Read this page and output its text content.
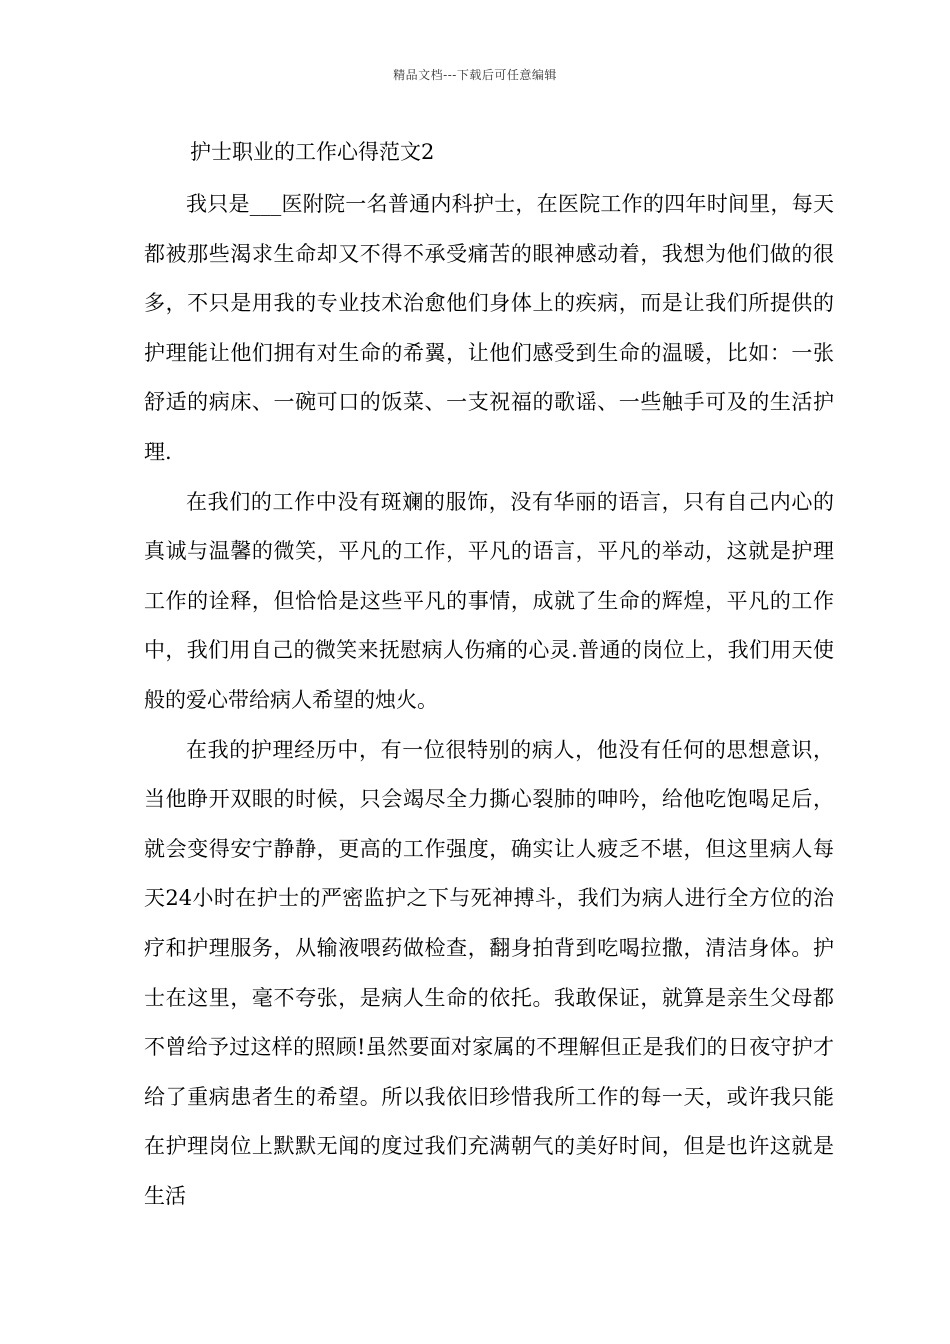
精品文档---下载后可任意编辑
护士职业的工作心得范文2

我只是___医附院一名普通内科护士，在医院工作的四年时间里，每天都被那些渴求生命却又不得不承受痛苦的眼神感动着，我想为他们做的很多，不只是用我的专业技术治愈他们身体上的疾病，而是让我们所提供的护理能让他们拥有对生命的希翼，让他们感受到生命的温暖，比如：一张舒适的病床、一碗可口的饭菜、一支祝福的歌谣、一些触手可及的生活护理.

在我们的工作中没有斑斓的服饰，没有华丽的语言，只有自己内心的真诚与温馨的微笑，平凡的工作，平凡的语言，平凡的举动，这就是护理工作的诠释，但恰恰是这些平凡的事情，成就了生命的辉煌，平凡的工作中，我们用自己的微笑来抚慰病人伤痛的心灵.普通的岗位上，我们用天使般的爱心带给病人希望的烛火。

在我的护理经历中，有一位很特别的病人，他没有任何的思想意识，当他睁开双眼的时候，只会竭尽全力撕心裂肺的呻吟，给他吃饱喝足后，就会变得安宁静静，更高的工作强度，确实让人疲乏不堪，但这里病人每天24小时在护士的严密监护之下与死神搏斗，我们为病人进行全方位的治疗和护理服务，从输液喂药做检查，翻身拍背到吃喝拉撒，清洁身体。护士在这里，毫不夸张，是病人生命的依托。我敢保证，就算是亲生父母都不曾给予过这样的照顾!虽然要面对家属的不理解但正是我们的日夜守护才给了重病患者生的希望。所以我依旧珍惜我所工作的每一天，或许我只能在护理岗位上默默无闻的度过我们充满朝气的美好时间，但是也许这就是生活
